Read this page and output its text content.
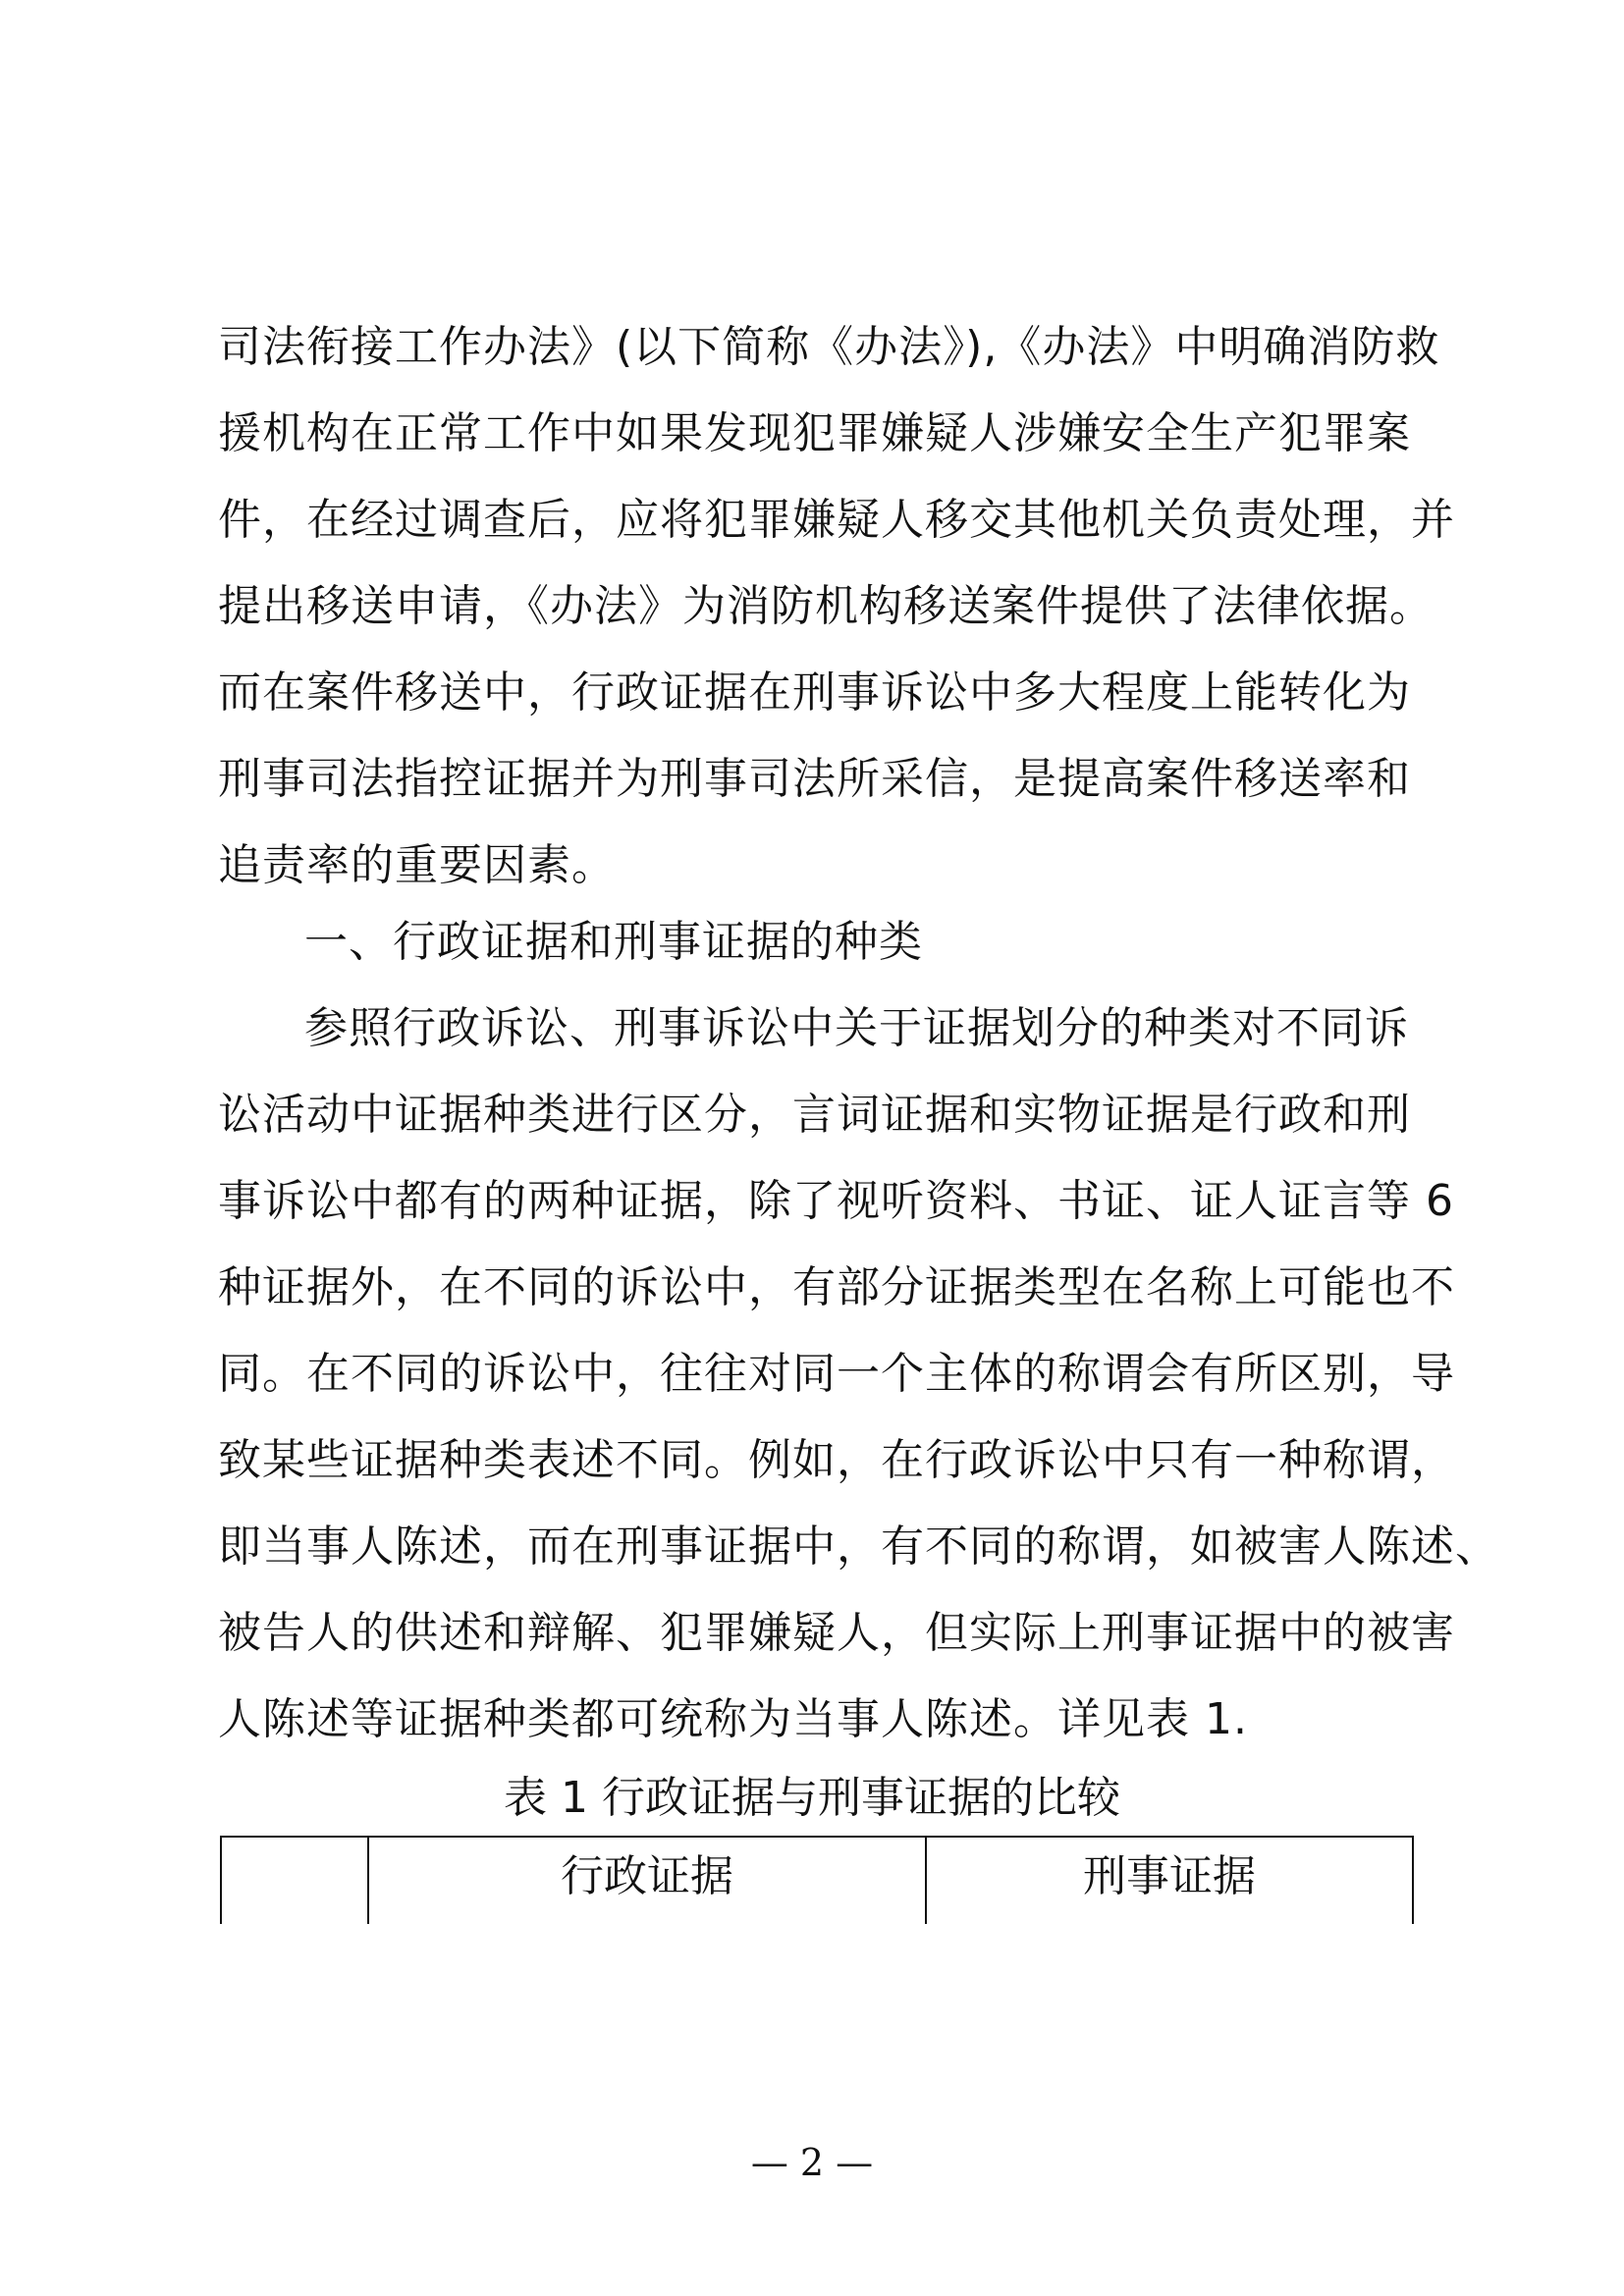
司法衔接工作办法》(以下简称《办法》),《办法》中明确消防救
援机构在正常工作中如果发现犯罪嫌疑人涉嫌安全生产犯罪案
件，在经过调查后，应将犯罪嫌疑人移交其他机关负责处理，并
提出移送申请，《办法》为消防机构移送案件提供了法律依据。
而在案件移送中，行政证据在刑事诉讼中多大程度上能转化为
刑事司法指控证据并为刑事司法所采信，是提高案件移送率和
追责率的重要因素。
一、行政证据和刑事证据的种类
参照行政诉讼、刑事诉讼中关于证据划分的种类对不同诉
讼活动中证据种类进行区分，言词证据和实物证据是行政和刑
事诉讼中都有的两种证据，除了视听资料、书证、证人证言等 6
种证据外，在不同的诉讼中，有部分证据类型在名称上可能也不
同。在不同的诉讼中，往往对同一个主体的称谓会有所区别，导
致某些证据种类表述不同。例如，在行政诉讼中只有一种称谓，
即当事人陈述，而在刑事证据中，有不同的称谓，如被害人陈述、
被告人的供述和辩解、犯罪嫌疑人，但实际上刑事证据中的被害
人陈述等证据种类都可统称为当事人陈述。详见表 1.
表 1 行政证据与刑事证据的比较
行政证据	刑事证据
— 2 —
